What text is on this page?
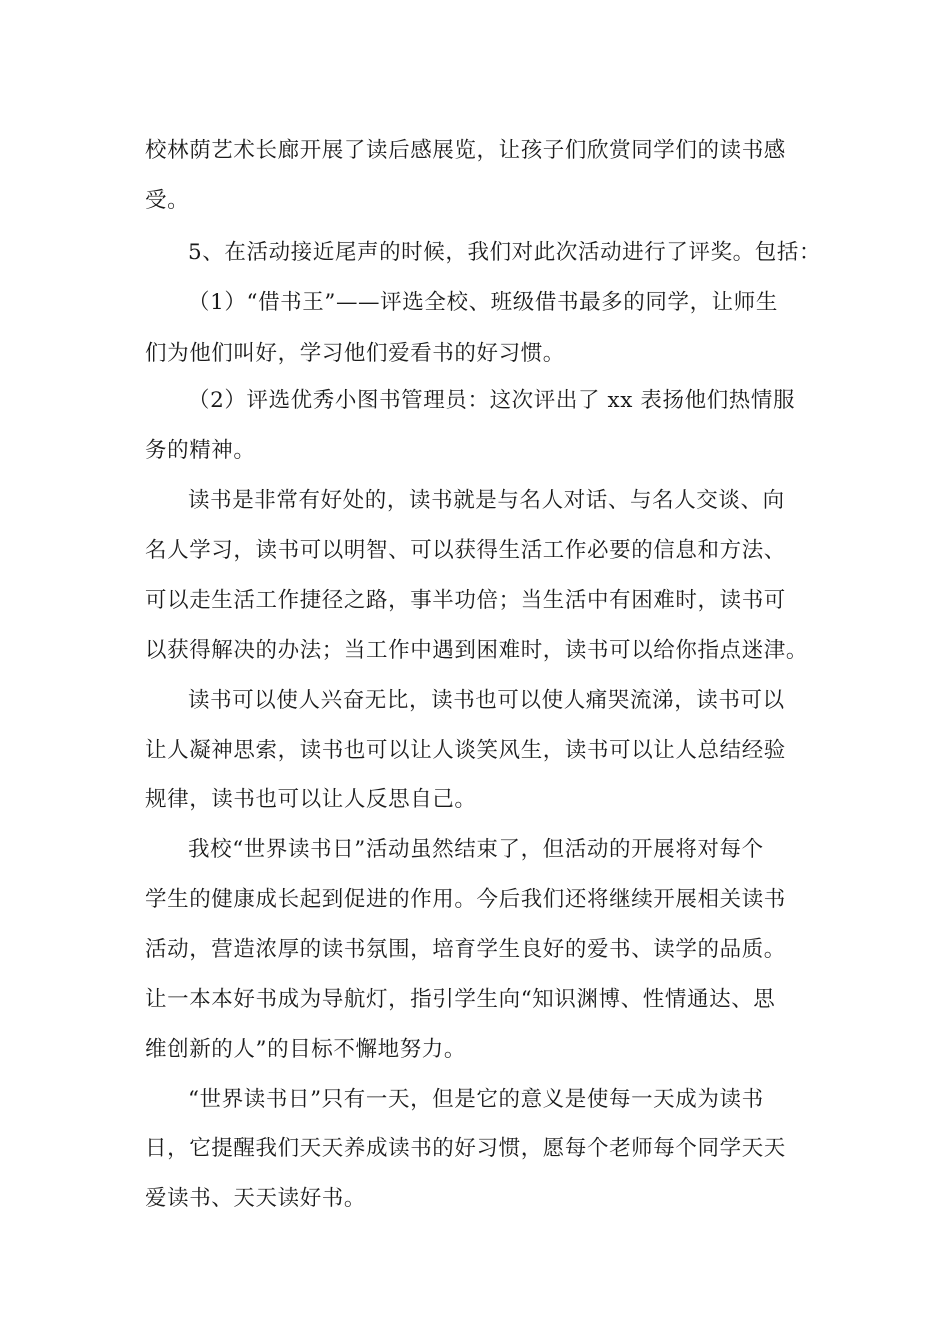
校林荫艺术长廊开展了读后感展览，让孩子们欣赏同学们的读书感
受。
5、在活动接近尾声的时候，我们对此次活动进行了评奖。包括：
（1）“借书王”——评选全校、班级借书最多的同学，让师生
们为他们叫好，学习他们爱看书的好习惯。
（2）评选优秀小图书管理员：这次评出了 xx 表扬他们热情服
务的精神。
读书是非常有好处的，读书就是与名人对话、与名人交谈、向
名人学习，读书可以明智、可以获得生活工作必要的信息和方法、
可以走生活工作捷径之路，事半功倍；当生活中有困难时，读书可
以获得解决的办法；当工作中遇到困难时，读书可以给你指点迷津。
读书可以使人兴奋无比，读书也可以使人痛哭流涕，读书可以
让人凝神思索，读书也可以让人谈笑风生，读书可以让人总结经验
规律，读书也可以让人反思自己。
我校“世界读书日”活动虽然结束了，但活动的开展将对每个
学生的健康成长起到促进的作用。今后我们还将继续开展相关读书
活动，营造浓厚的读书氛围，培育学生良好的爱书、读学的品质。
让一本本好书成为导航灯，指引学生向“知识渊博、性情通达、思
维创新的人”的目标不懈地努力。
“世界读书日”只有一天，但是它的意义是使每一天成为读书
日，它提醒我们天天养成读书的好习惯，愿每个老师每个同学天天
爱读书、天天读好书。
